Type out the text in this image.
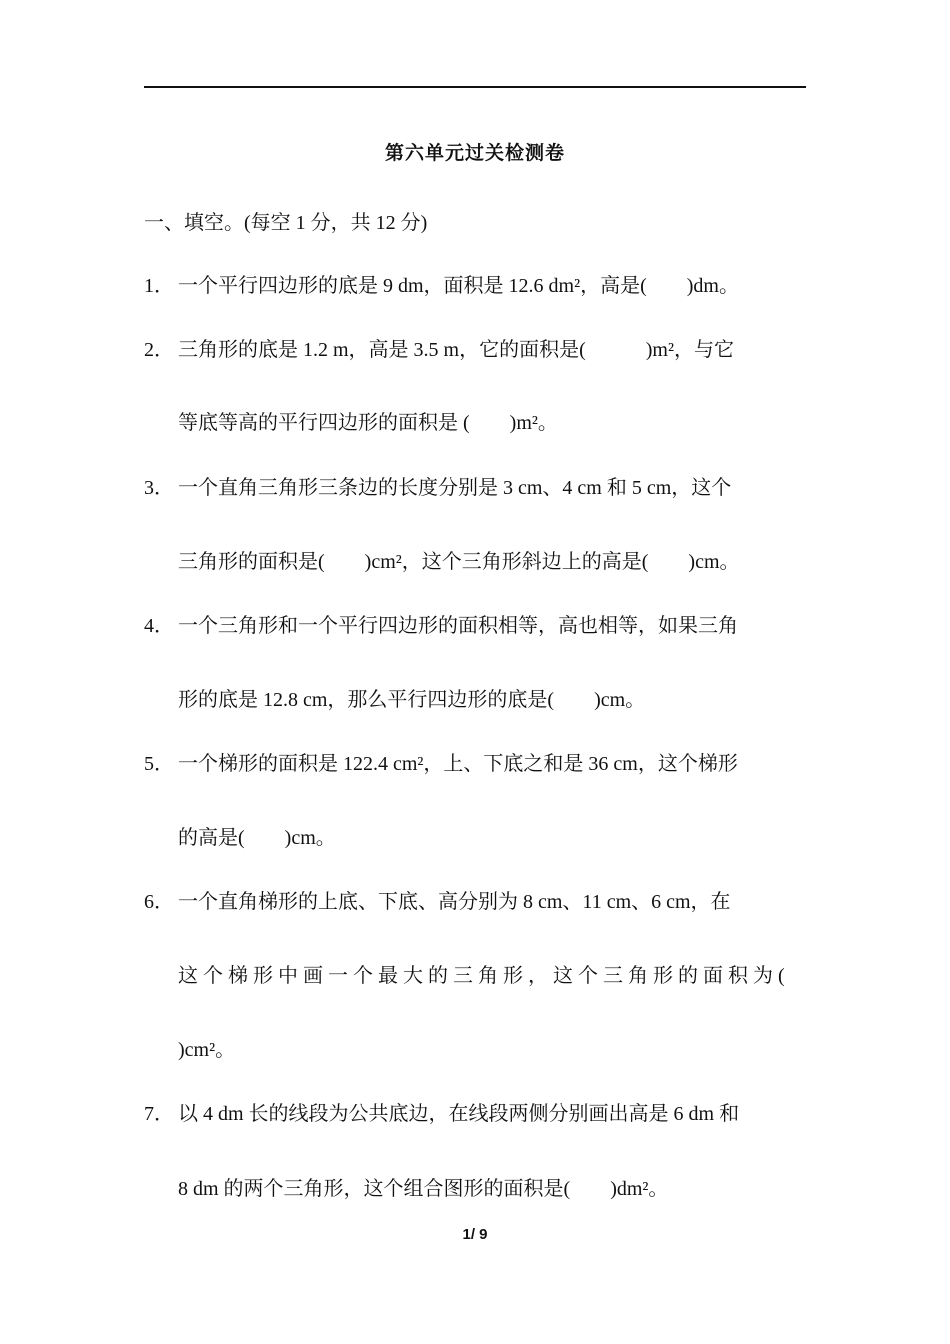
第六单元过关检测卷
一、填空。(每空 1 分，共 12 分)
1． 一个平行四边形的底是 9 dm，面积是 12.6 dm²，高是(　　)dm。
2． 三角形的底是 1.2 m，高是 3.5 m，它的面积是(　　　)m²，与它
等底等高的平行四边形的面积是 (　　)m²。
3． 一个直角三角形三条边的长度分别是 3 cm、4 cm 和 5 cm，这个
三角形的面积是(　　)cm²，这个三角形斜边上的高是(　　)cm。
4． 一个三角形和一个平行四边形的面积相等，高也相等，如果三角
形的底是 12.8 cm，那么平行四边形的底是(　　)cm。
5． 一个梯形的面积是 122.4 cm²，上、下底之和是 36 cm，这个梯形
的高是(　　)cm。
6． 一个直角梯形的上底、下底、高分别为 8 cm、11 cm、6 cm，在
这 个 梯 形 中 画 一 个 最 大 的 三 角 形 ， 这 个 三 角 形 的 面 积 为 (
)cm²。
7． 以 4 dm 长的线段为公共底边，在线段两侧分别画出高是 6 dm 和
8 dm 的两个三角形，这个组合图形的面积是(　　)dm²。
1/ 9
